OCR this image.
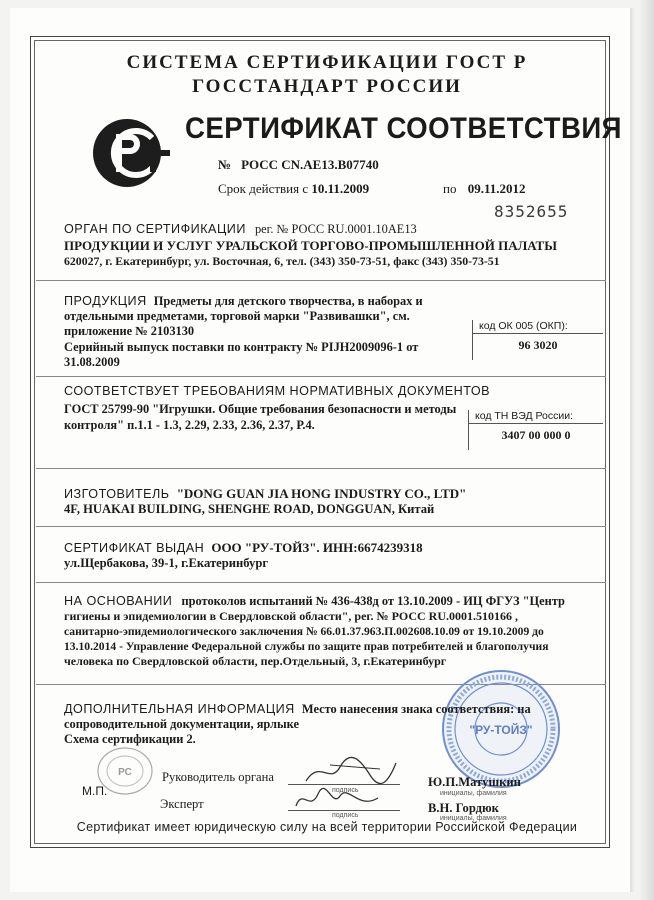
СИСТЕМА СЕРТИФИКАЦИИ ГОСТ Р
ГОССТАНДАРТ РОССИИ
СЕРТИФИКАТ СООТВЕТСТВИЯ
№ РОСС CN.АЕ13.В07740
Срок действия с 10.11.2009	по 09.11.2012
8352655
ОРГАН ПО СЕРТИФИКАЦИИ рег. № РОСС RU.0001.10АЕ13
ПРОДУКЦИИ И УСЛУГ УРАЛЬСКОЙ ТОРГОВО-ПРОМЫШЛЕННОЙ ПАЛАТЫ
620027, г. Екатеринбург, ул. Восточная, 6, тел. (343) 350-73-51, факс (343) 350-73-51
ПРОДУКЦИЯ Предметы для детского творчества, в наборах и
отдельными предметами, торговой марки "Развивашки", см.
приложение № 2103130
Серийный выпуск поставки по контракту № PIJH2009096-1 от
31.08.2009
код ОК 005 (ОКП):
96 3020
СООТВЕТСТВУЕТ ТРЕБОВАНИЯМ НОРМАТИВНЫХ ДОКУМЕНТОВ
ГОСТ 25799-90 "Игрушки. Общие требования безопасности и методы
контроля" п.1.1 - 1.3, 2.29, 2.33, 2.36, 2.37, Р.4.
код ТН ВЭД России:
3407 00 000 0
ИЗГОТОВИТЕЛЬ "DONG GUAN JIA HONG INDUSTRY CO., LTD"
4F, HUAKAI BUILDING, SHENGHE ROAD, DONGGUAN, Китай
СЕРТИФИКАТ ВЫДАН ООО "РУ-ТОЙЗ". ИНН:6674239318
ул.Щербакова, 39-1, г.Екатеринбург
НА ОСНОВАНИИ протоколов испытаний № 436-438д от 13.10.2009 - ИЦ ФГУЗ "Центр
гигиены и эпидемиологии в Свердловской области", рег. № РОСС RU.0001.510166 ,
санитарно-эпидемиологического заключения № 66.01.37.963.П.002608.10.09 от 19.10.2009 до
13.10.2014 - Управление Федеральной службы по защите прав потребителей и благополучия
человека по Свердловской области, пер.Отдельный, 3, г.Екатеринбург
"РУ-ТОЙЗ"
ДОПОЛНИТЕЛЬНАЯ ИНФОРМАЦИЯ Место нанесения знака соответствия: на
сопроводительной документации, ярлыке
Схема сертификации 2.
РС
М.П.
Руководитель органа
подпись
Ю.П.Матушкин
инициалы, фамилия
Эксперт
подпись
В.Н. Гордюк
инициалы, фамилия
Сертификат имеет юридическую силу на всей территории Российской Федерации
